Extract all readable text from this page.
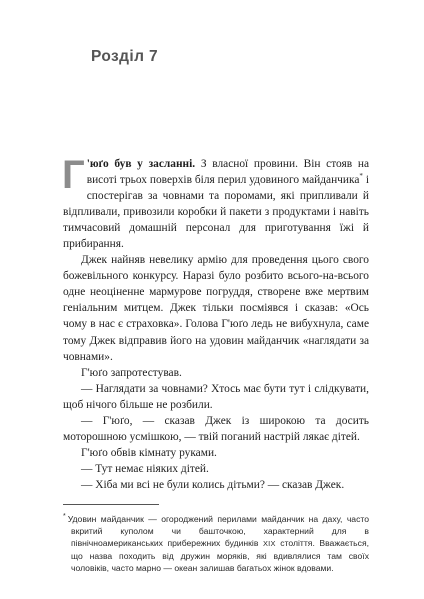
Розділ 7

Г 'юґо був у засланні. З власної провини. Він стояв на висоті трьох поверхів біля перил удовиного майданчика* і спостерігав за човнами та поромами, які припливали й відпливали, привозили коробки й пакети з продуктами і навіть тимчасовий домашній персонал для приготування їжі й прибирання.

Джек найняв невелику армію для проведення цього свого божевільного конкурсу. Наразі було розбито всього-на-всього одне неоціненне мармурове погруддя, створене вже мертвим геніальним митцем. Джек тільки посміявся і сказав: «Ось чому в нас є страховка». Голова Г'юґо ледь не вибухнула, саме тому Джек відправив його на удовин майданчик «наглядати за човнами».

Г'юґо запротестував.

— Наглядати за човнами? Хтось має бути тут і слідкувати, щоб нічого більше не розбили.

— Г'юґо, — сказав Джек із широкою та досить моторошною усмішкою, — твій поганий настрій лякає дітей.

Г'юґо обвів кімнату руками.

— Тут немає ніяких дітей.

— Хіба ми всі не були колись дітьми? — сказав Джек.

* Удовин майданчик — огороджений перилами майданчик на даху, часто вкритий куполом чи башточкою, характерний для в північноамериканських прибережних будинків XIX століття. Вважається, що назва походить від дружин моряків, які вдивлялися там своїх чоловіків, часто марно — океан залишав багатьох жінок вдовами.
